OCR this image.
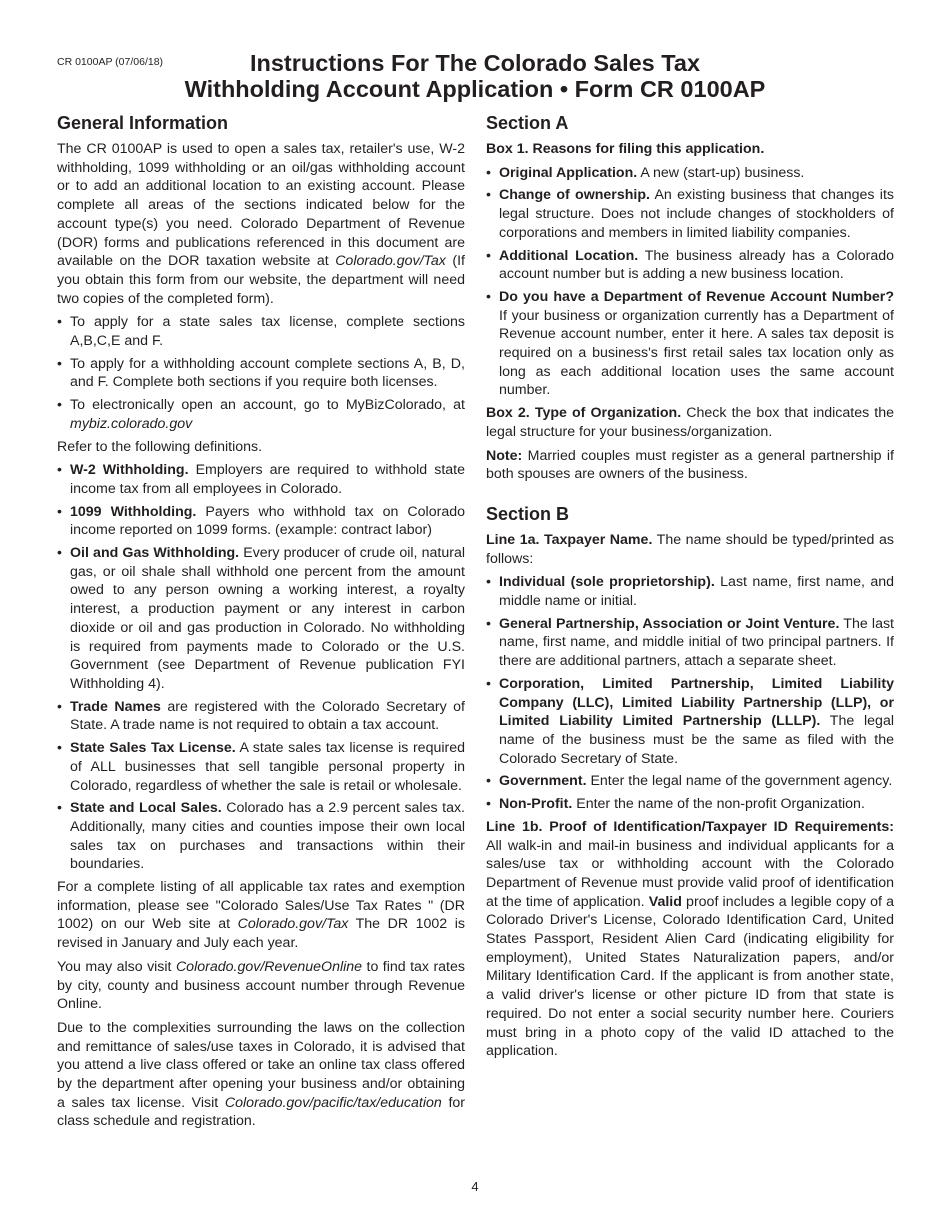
CR 0100AP (07/06/18)	Instructions For The Colorado Sales Tax
Withholding Account Application • Form CR 0100AP
General Information

The CR 0100AP is used to open a sales tax, retailer's use, W-2 withholding, 1099 withholding or an oil/gas withholding account or to add an additional location to an existing account. Please complete all areas of the sections indicated below for the account type(s) you need. Colorado Department of Revenue (DOR) forms and publications referenced in this document are available on the DOR taxation website at Colorado.gov/Tax (If you obtain this form from our website, the department will need two copies of the completed form).

• To apply for a state sales tax license, complete sections A,B,C,E and F.
• To apply for a withholding account complete sections A, B, D, and F. Complete both sections if you require both licenses.
• To electronically open an account, go to MyBizColorado, at mybiz.colorado.gov

Refer to the following definitions.

• W-2 Withholding. Employers are required to withhold state income tax from all employees in Colorado.
• 1099 Withholding. Payers who withhold tax on Colorado income reported on 1099 forms. (example: contract labor)
• Oil and Gas Withholding. Every producer of crude oil, natural gas, or oil shale shall withhold one percent from the amount owed to any person owning a working interest, a royalty interest, a production payment or any interest in carbon dioxide or oil and gas production in Colorado. No withholding is required from payments made to Colorado or the U.S. Government (see Department of Revenue publication FYI Withholding 4).
• Trade Names are registered with the Colorado Secretary of State. A trade name is not required to obtain a tax account.
• State Sales Tax License. A state sales tax license is required of ALL businesses that sell tangible personal property in Colorado, regardless of whether the sale is retail or wholesale.
• State and Local Sales. Colorado has a 2.9 percent sales tax. Additionally, many cities and counties impose their own local sales tax on purchases and transactions within their boundaries.

For a complete listing of all applicable tax rates and exemption information, please see "Colorado Sales/Use Tax Rates " (DR 1002) on our Web site at Colorado.gov/Tax The DR 1002 is revised in January and July each year.

You may also visit Colorado.gov/RevenueOnline to find tax rates by city, county and business account number through Revenue Online.

Due to the complexities surrounding the laws on the collection and remittance of sales/use taxes in Colorado, it is advised that you attend a live class offered or take an online tax class offered by the department after opening your business and/or obtaining a sales tax license. Visit Colorado.gov/pacific/tax/education for class schedule and registration.

Section A

Box 1. Reasons for filing this application.

• Original Application. A new (start-up) business.
• Change of ownership. An existing business that changes its legal structure. Does not include changes of stockholders of corporations and members in limited liability companies.
• Additional Location. The business already has a Colorado account number but is adding a new business location.
• Do you have a Department of Revenue Account Number? If your business or organization currently has a Department of Revenue account number, enter it here. A sales tax deposit is required on a business's first retail sales tax location only as long as each additional location uses the same account number.

Box 2. Type of Organization. Check the box that indicates the legal structure for your business/organization.

Note: Married couples must register as a general partnership if both spouses are owners of the business.

Section B

Line 1a. Taxpayer Name. The name should be typed/printed as follows:

• Individual (sole proprietorship). Last name, first name, and middle name or initial.
• General Partnership, Association or Joint Venture. The last name, first name, and middle initial of two principal partners. If there are additional partners, attach a separate sheet.
• Corporation, Limited Partnership, Limited Liability Company (LLC), Limited Liability Partnership (LLP), or Limited Liability Limited Partnership (LLLP). The legal name of the business must be the same as filed with the Colorado Secretary of State.
• Government. Enter the legal name of the government agency.
• Non-Profit. Enter the name of the non-profit Organization.

Line 1b. Proof of Identification/Taxpayer ID Requirements: All walk-in and mail-in business and individual applicants for a sales/use tax or withholding account with the Colorado Department of Revenue must provide valid proof of identification at the time of application. Valid proof includes a legible copy of a Colorado Driver's License, Colorado Identification Card, United States Passport, Resident Alien Card (indicating eligibility for employment), United States Naturalization papers, and/or Military Identification Card. If the applicant is from another state, a valid driver's license or other picture ID from that state is required. Do not enter a social security number here. Couriers must bring in a photo copy of the valid ID attached to the application.

4
